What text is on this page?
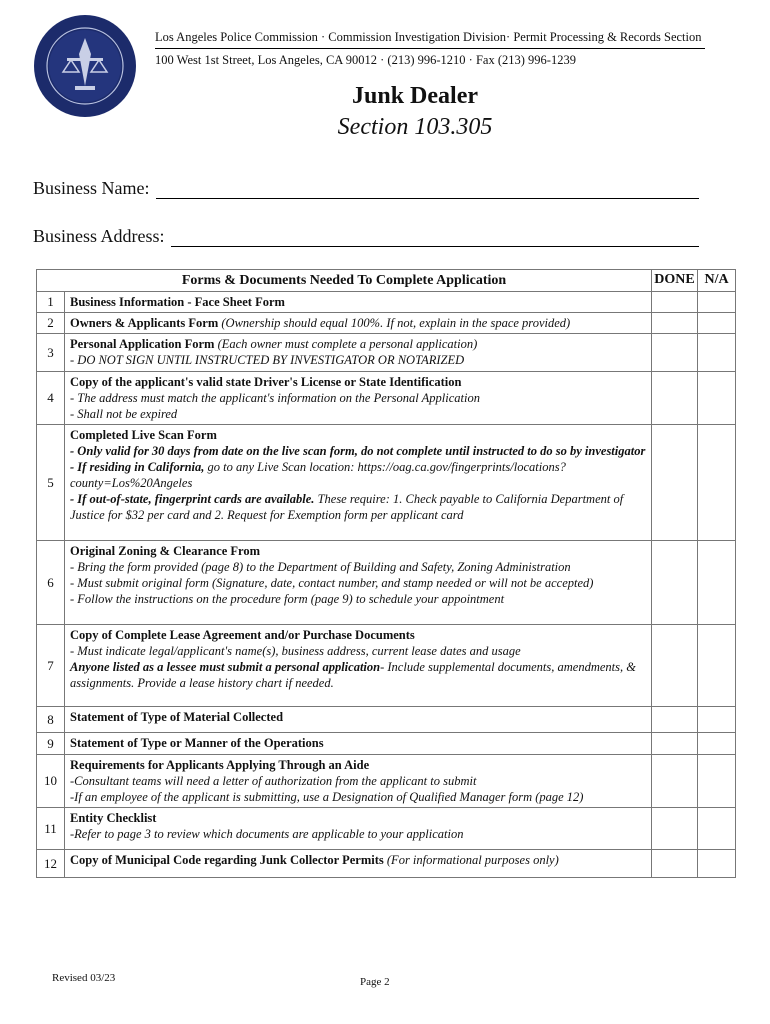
Los Angeles Police Commission · Commission Investigation Division· Permit Processing & Records Section
100 West 1st Street, Los Angeles, CA 90012 · (213) 996-1210 · Fax (213) 996-1239
Junk Dealer
Section 103.305
Business Name:
Business Address:
Forms & Documents Needed To Complete Application		DONE	N/A
1	Business Information - Face Sheet Form		

2	Owners & Applicants Form (Ownership should equal 100%. If not, explain in the space provided)		

3	Personal Application Form (Each owner must complete a personal application)
- DO NOT SIGN UNTIL INSTRUCTED BY INVESTIGATOR OR NOTARIZED		

4	Copy of the applicant's valid state Driver's License or State Identification
- The address must match the applicant's information on the Personal Application
- Shall not be expired		

5	Completed Live Scan Form
- Only valid for 30 days from date on the live scan form, do not complete until instructed to do so by investigator
- If residing in California, go to any Live Scan location: https://oag.ca.gov/fingerprints/locations?county=Los%20Angeles
- If out-of-state, fingerprint cards are available. These require: 1. Check payable to California Department of Justice for $32 per card and 2. Request for Exemption form per applicant card		

6	Original Zoning & Clearance From
- Bring the form provided (page 8) to the Department of Building and Safety, Zoning Administration
- Must submit original form (Signature, date, contact number, and stamp needed or will not be accepted)
- Follow the instructions on the procedure form (page 9) to schedule your appointment		

7	Copy of Complete Lease Agreement and/or Purchase Documents
- Must indicate legal/applicant's name(s), business address, current lease dates and usage
Anyone listed as a lessee must submit a personal application- Include supplemental documents, amendments, & assignments. Provide a lease history chart if needed.		

8	Statement of Type of Material Collected		

9	Statement of Type or Manner of the Operations		

10	Requirements for Applicants Applying Through an Aide
-Consultant teams will need a letter of authorization from the applicant to submit
-If an employee of the applicant is submitting, use a Designation of Qualified Manager form (page 12)		

11	Entity Checklist
-Refer to page 3 to review which documents are applicable to your application		

12	Copy of Municipal Code regarding Junk Collector Permits (For informational purposes only)		

Revised 03/23	Page 2
